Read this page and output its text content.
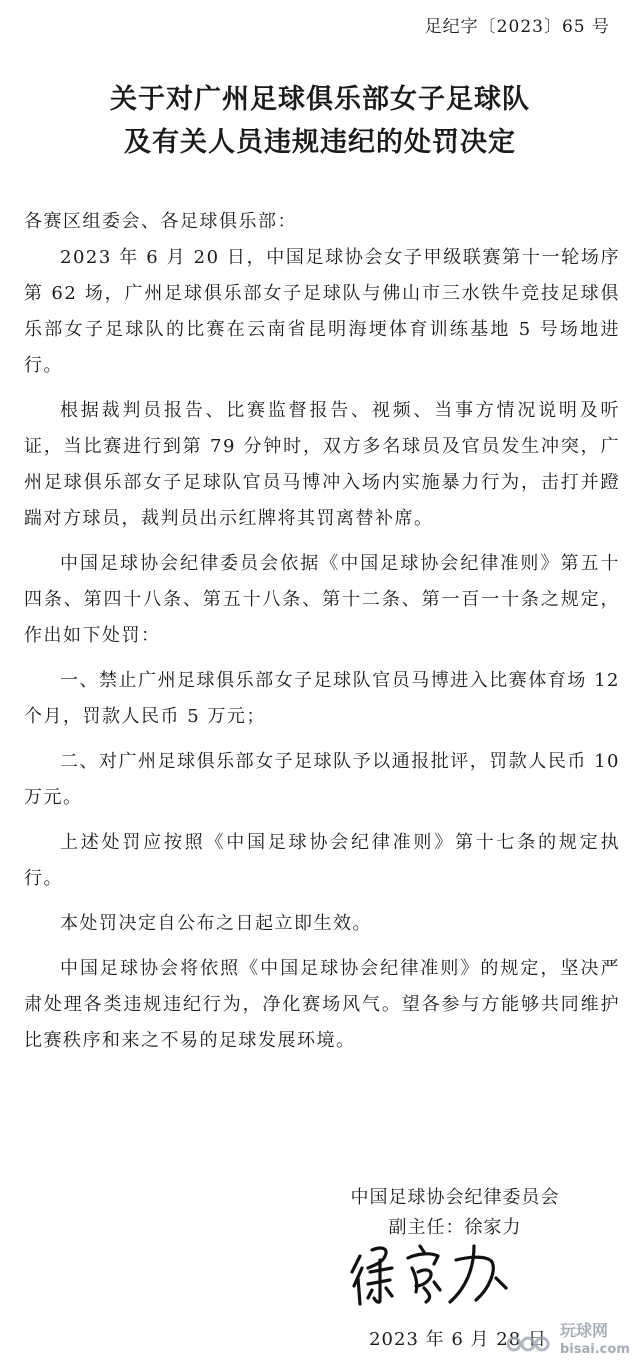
足纪字〔2023〕65 号
关于对广州足球俱乐部女子足球队
及有关人员违规违纪的处罚决定

各赛区组委会、各足球俱乐部：

2023 年 6 月 20 日，中国足球协会女子甲级联赛第十一轮场序第 62 场，广州足球俱乐部女子足球队与佛山市三水铁牛竞技足球俱乐部女子足球队的比赛在云南省昆明海埂体育训练基地 5 号场地进行。

根据裁判员报告、比赛监督报告、视频、当事方情况说明及听证，当比赛进行到第 79 分钟时，双方多名球员及官员发生冲突，广州足球俱乐部女子足球队官员马博冲入场内实施暴力行为，击打并蹬踹对方球员，裁判员出示红牌将其罚离替补席。

中国足球协会纪律委员会依据《中国足球协会纪律准则》第五十四条、第四十八条、第五十八条、第十二条、第一百一十条之规定，作出如下处罚：

一、禁止广州足球俱乐部女子足球队官员马博进入比赛体育场 12 个月，罚款人民币 5 万元；

二、对广州足球俱乐部女子足球队予以通报批评，罚款人民币 10 万元。

上述处罚应按照《中国足球协会纪律准则》第十七条的规定执行。

本处罚决定自公布之日起立即生效。

中国足球协会将依照《中国足球协会纪律准则》的规定，坚决严肃处理各类违规违纪行为，净化赛场风气。望各参与方能够共同维护比赛秩序和来之不易的足球发展环境。

中国足球协会纪律委员会
副主任：徐家力
2023 年 6 月 28 日 玩球网
bisai.com
